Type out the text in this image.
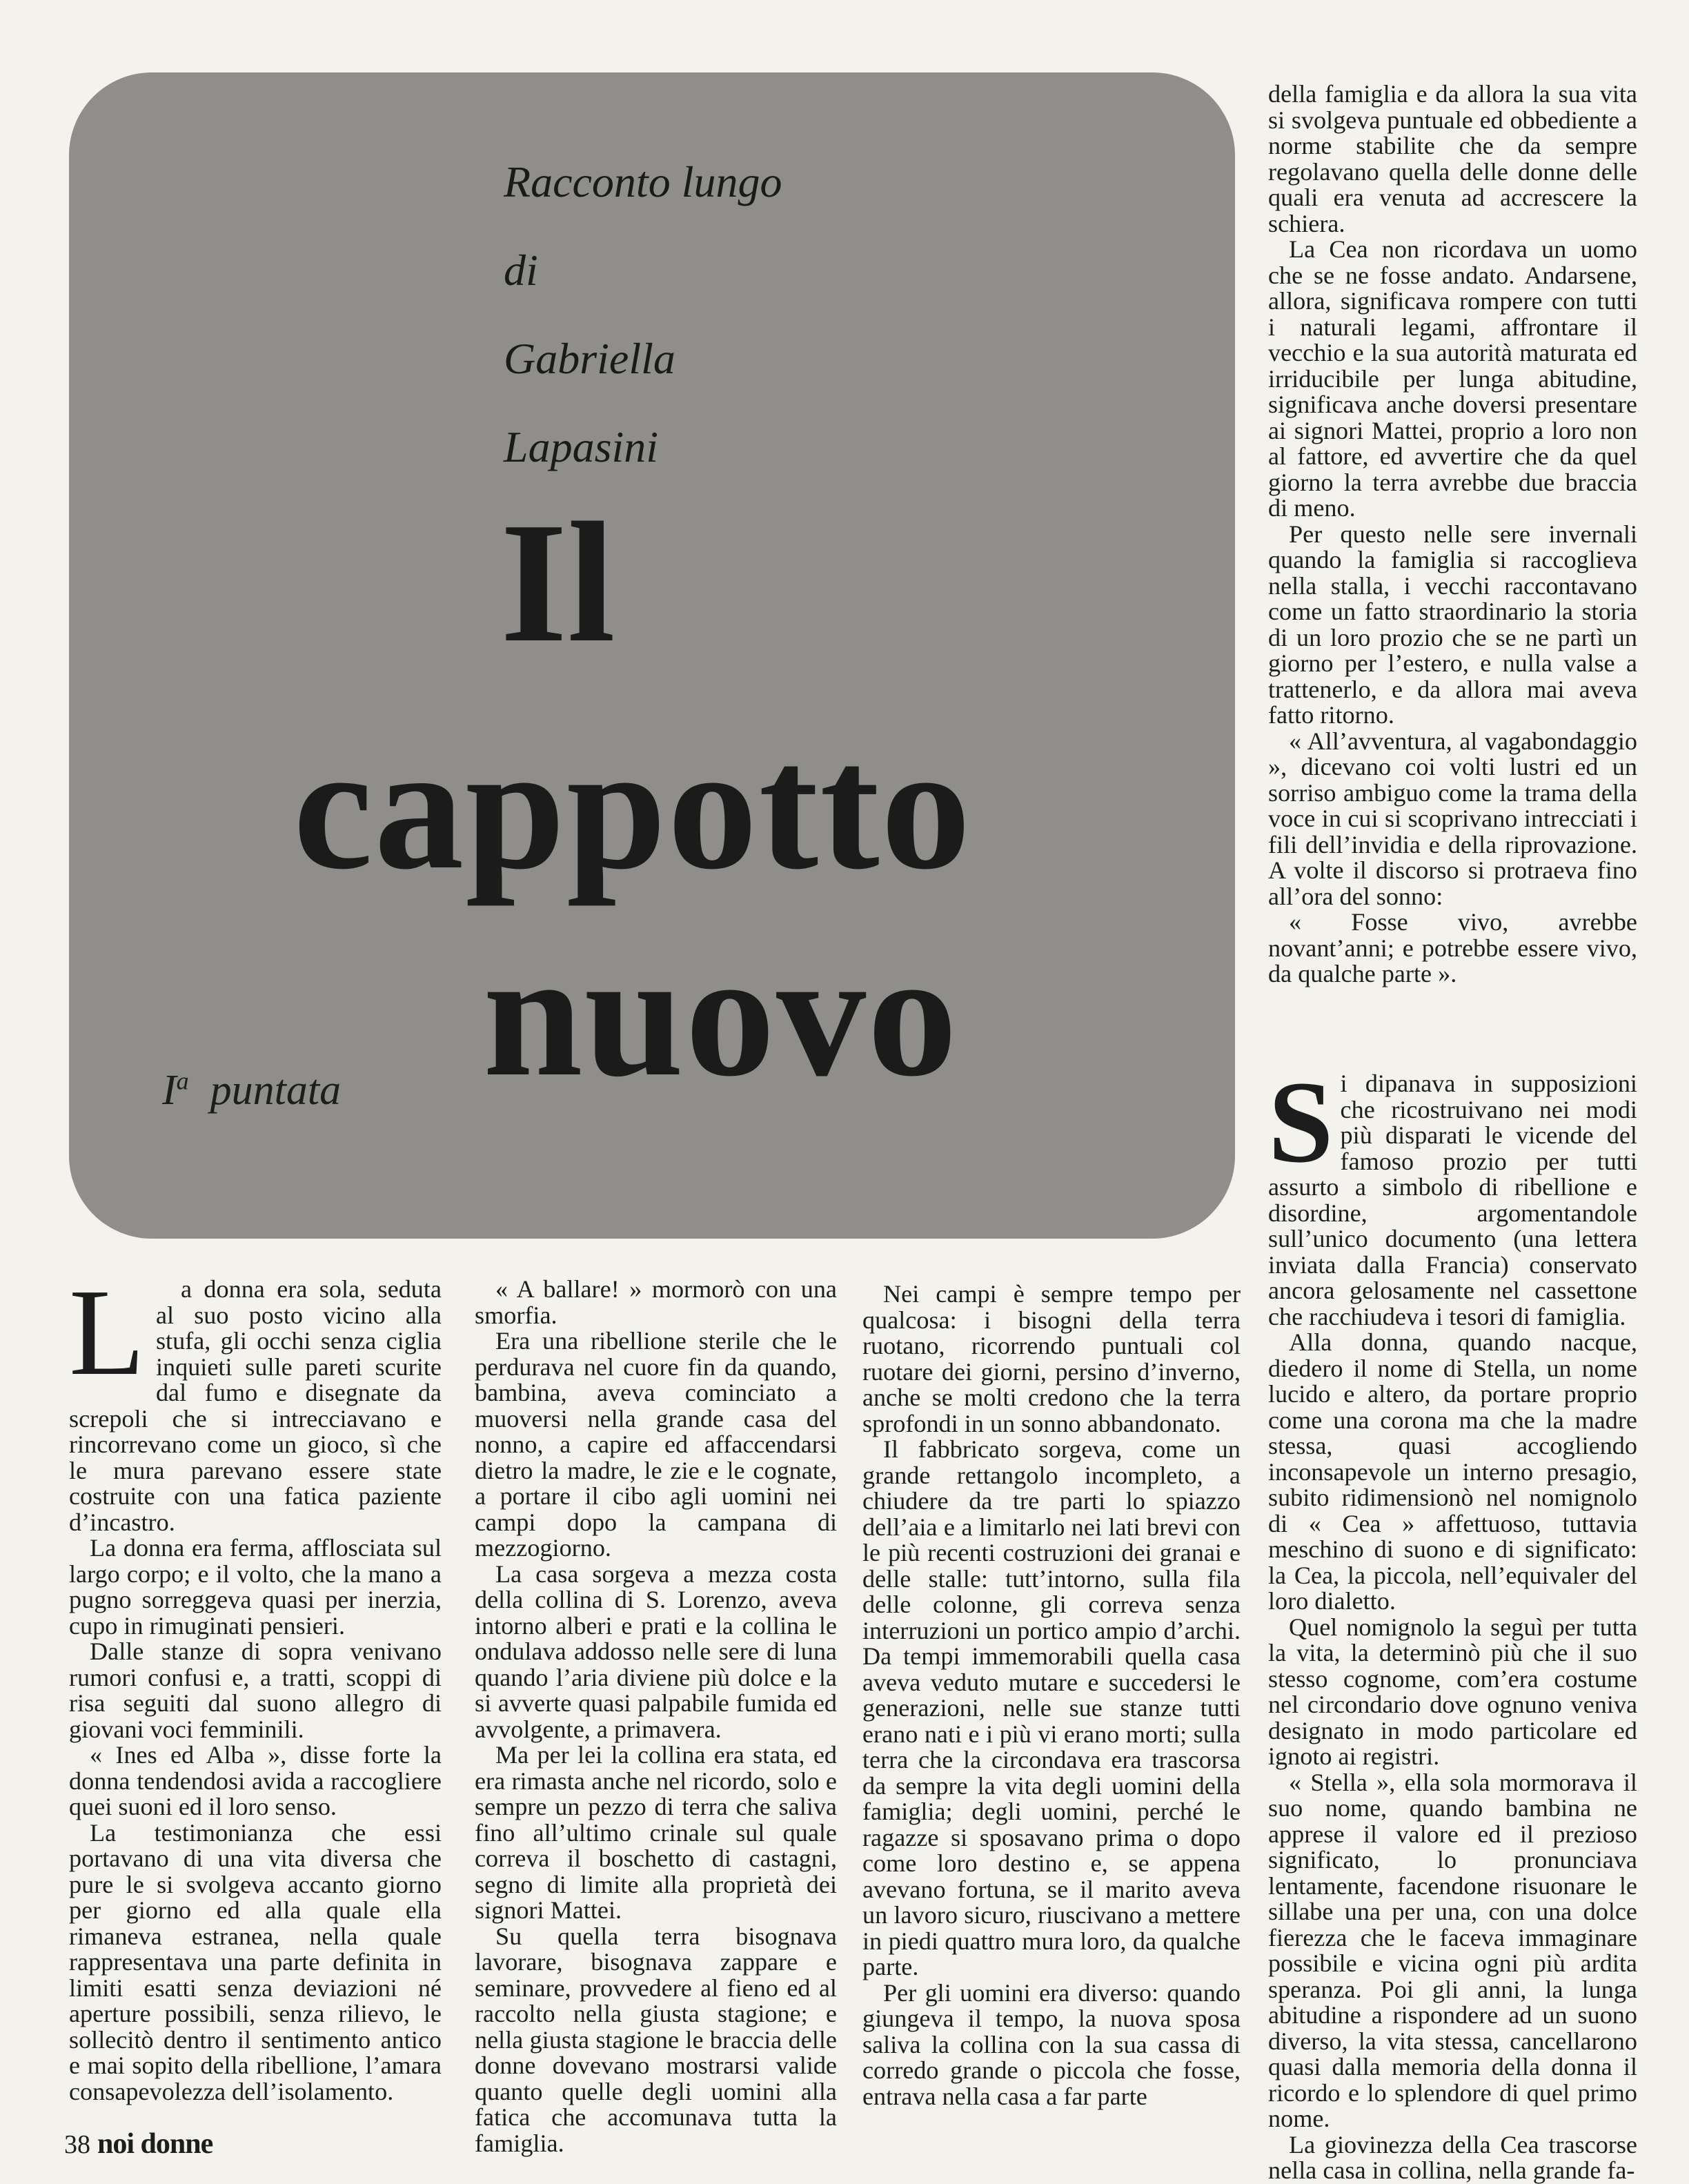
Racconto lungo
di
Gabriella
Lapasini
Il
cappotto
nuovo
$I^a$ puntata

L a donna era sola, seduta al suo posto vicino alla stufa, gli occhi senza ciglia inquieti sulle pareti scurite dal fumo e disegnate da screpoli che si intrecciavano e rincorrevano come un gioco, sì che le mura parevano essere state costruite con una fatica paziente d’incastro.

La donna era ferma, afflosciata sul largo corpo; e il volto, che la mano a pugno sorreggeva quasi per inerzia, cupo in rimuginati pensieri.

Dalle stanze di sopra venivano rumori confusi e, a tratti, scoppi di risa seguiti dal suono allegro di giovani voci femminili.

« Ines ed Alba », disse forte la donna tendendosi avida a raccogliere quei suoni ed il loro senso.

La testimonianza che essi portavano di una vita diversa che pure le si svolgeva accanto giorno per giorno ed alla quale ella rimaneva estranea, nella quale rappresentava una parte definita in limiti esatti senza deviazioni né aperture possibili, senza rilievo, le sollecitò dentro il sentimento antico e mai sopito della ribellione, l’amara consapevolezza dell’isolamento.

« A ballare! » mormorò con una smorfia.

Era una ribellione sterile che le perdurava nel cuore fin da quando, bambina, aveva cominciato a muoversi nella grande casa del nonno, a capire ed affaccendarsi dietro la madre, le zie e le cognate, a portare il cibo agli uomini nei campi dopo la campana di mezzogiorno.

La casa sorgeva a mezza costa della collina di S. Lorenzo, aveva intorno alberi e prati e la collina le ondulava addosso nelle sere di luna quando l’aria diviene più dolce e la si avverte quasi palpabile fumida ed avvolgente, a primavera.

Ma per lei la collina era stata, ed era rimasta anche nel ricordo, solo e sempre un pezzo di terra che saliva fino all’ultimo crinale sul quale correva il boschetto di castagni, segno di limite alla proprietà dei signori Mattei.

Su quella terra bisognava lavorare, bisognava zappare e seminare, provvedere al fieno ed al raccolto nella giusta stagione; e nella giusta stagione le braccia delle donne dovevano mostrarsi valide quanto quelle degli uomini alla fatica che accomunava tutta la famiglia.

Nei campi è sempre tempo per qualcosa: i bisogni della terra ruotano, ricorrendo puntuali col ruotare dei giorni, persino d’inverno, anche se molti credono che la terra sprofondi in un sonno abbandonato.

Il fabbricato sorgeva, come un grande rettangolo incompleto, a chiudere da tre parti lo spiazzo dell’aia e a limitarlo nei lati brevi con le più recenti costruzioni dei granai e delle stalle: tutt’intorno, sulla fila delle colonne, gli correva senza interruzioni un portico ampio d’archi. Da tempi immemorabili quella casa aveva veduto mutare e succedersi le generazioni, nelle sue stanze tutti erano nati e i più vi erano morti; sulla terra che la circondava era trascorsa da sempre la vita degli uomini della famiglia; degli uomini, perché le ragazze si sposavano prima o dopo come loro destino e, se appena avevano fortuna, se il marito aveva un lavoro sicuro, riuscivano a mettere in piedi quattro mura loro, da qualche parte.

Per gli uomini era diverso: quando giungeva il tempo, la nuova sposa saliva la collina con la sua cassa di corredo grande o piccola che fosse, entrava nella casa a far parte

della famiglia e da allora la sua vita si svolgeva puntuale ed obbediente a norme stabilite che da sempre regolavano quella delle donne delle quali era venuta ad accrescere la schiera.

La Cea non ricordava un uomo che se ne fosse andato. Andarsene, allora, significava rompere con tutti i naturali legami, affrontare il vecchio e la sua autorità maturata ed irriducibile per lunga abitudine, significava anche doversi presentare ai signori Mattei, proprio a loro non al fattore, ed avvertire che da quel giorno la terra avrebbe due braccia di meno.

Per questo nelle sere invernali quando la famiglia si raccoglieva nella stalla, i vecchi raccontavano come un fatto straordinario la storia di un loro prozio che se ne partì un giorno per l’estero, e nulla valse a trattenerlo, e da allora mai aveva fatto ritorno.

« All’avventura, al vagabondaggio », dicevano coi volti lustri ed un sorriso ambiguo come la trama della voce in cui si scoprivano intrecciati i fili dell’invidia e della riprovazione. A volte il discorso si protraeva fino all’ora del sonno:

« Fosse vivo, avrebbe novant’anni; e potrebbe essere vivo, da qualche parte ».

Si dipanava in supposizioni che ricostruivano nei modi più disparati le vicende del famoso prozio per tutti assurto a simbolo di ribellione e disordine, argomentandole sull’unico documento (una lettera inviata dalla Francia) conservato ancora gelosamente nel cassettone che racchiudeva i tesori di famiglia.

Alla donna, quando nacque, diedero il nome di Stella, un nome lucido e altero, da portare proprio come una corona ma che la madre stessa, quasi accogliendo inconsapevole un interno presagio, subito ridimensionò nel nomignolo di « Cea » affettuoso, tuttavia meschino di suono e di significato: la Cea, la piccola, nell’equivaler del loro dialetto.

Quel nomignolo la seguì per tutta la vita, la determinò più che il suo stesso cognome, com’era costume nel circondario dove ognuno veniva designato in modo particolare ed ignoto ai registri.

« Stella », ella sola mormorava il suo nome, quando bambina ne apprese il valore ed il prezioso significato, lo pronunciava lentamente, facendone risuonare le sillabe una per una, con una dolce fierezza che le faceva immaginare possibile e vicina ogni più ardita speranza. Poi gli anni, la lunga abitudine a rispondere ad un suono diverso, la vita stessa, cancellarono quasi dalla memoria della donna il ricordo e lo splendore di quel primo nome.

La giovinezza della Cea trascorse nella casa in collina, nella grande fa-

38 noi donne
